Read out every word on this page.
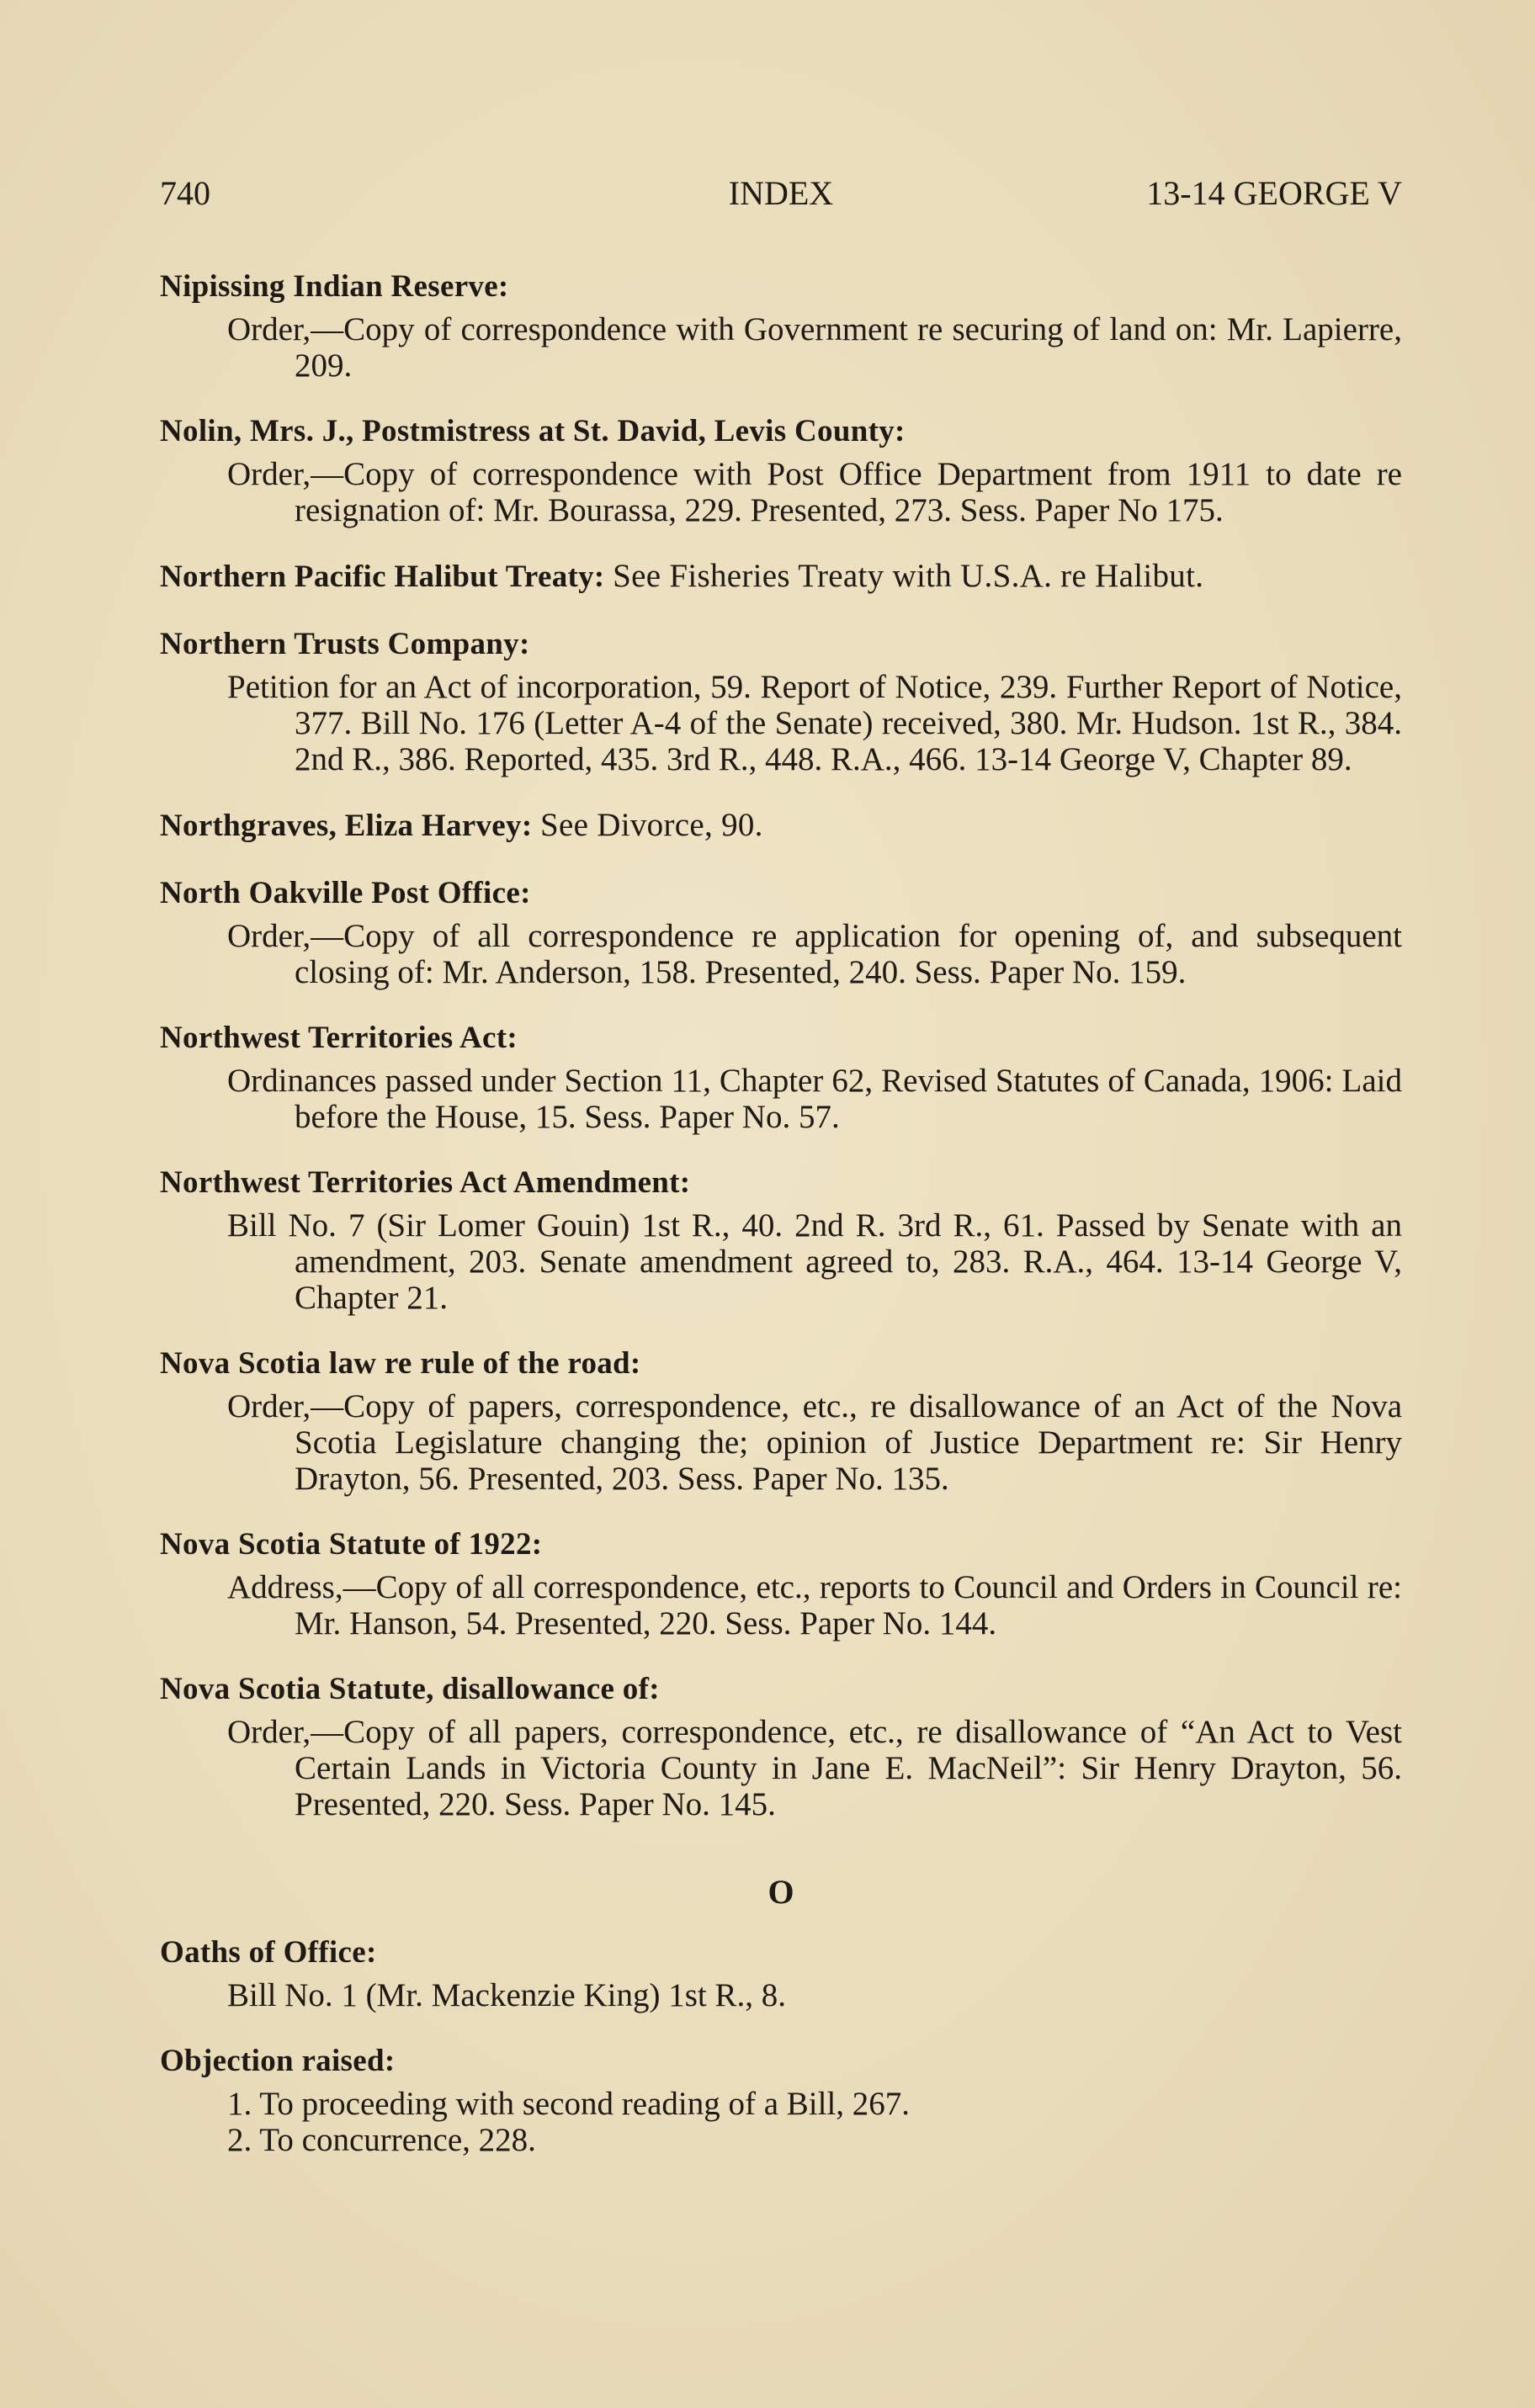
740	INDEX	13-14 GEORGE V
Nipissing Indian Reserve:
Order,—Copy of correspondence with Government re securing of land on: Mr. Lapierre, 209.
Nolin, Mrs. J., Postmistress at St. David, Levis County:
Order,—Copy of correspondence with Post Office Department from 1911 to date re resignation of: Mr. Bourassa, 229. Presented, 273. Sess. Paper No 175.
Northern Pacific Halibut Treaty: See Fisheries Treaty with U.S.A. re Halibut.
Northern Trusts Company:
Petition for an Act of incorporation, 59. Report of Notice, 239. Further Report of Notice, 377. Bill No. 176 (Letter A-4 of the Senate) received, 380. Mr. Hudson. 1st R., 384. 2nd R., 386. Reported, 435. 3rd R., 448. R.A., 466. 13-14 George V, Chapter 89.
Northgraves, Eliza Harvey: See Divorce, 90.
North Oakville Post Office:
Order,—Copy of all correspondence re application for opening of, and subsequent closing of: Mr. Anderson, 158. Presented, 240. Sess. Paper No. 159.
Northwest Territories Act:
Ordinances passed under Section 11, Chapter 62, Revised Statutes of Canada, 1906: Laid before the House, 15. Sess. Paper No. 57.
Northwest Territories Act Amendment:
Bill No. 7 (Sir Lomer Gouin) 1st R., 40. 2nd R. 3rd R., 61. Passed by Senate with an amendment, 203. Senate amendment agreed to, 283. R.A., 464. 13-14 George V, Chapter 21.
Nova Scotia law re rule of the road:
Order,—Copy of papers, correspondence, etc., re disallowance of an Act of the Nova Scotia Legislature changing the; opinion of Justice Department re: Sir Henry Drayton, 56. Presented, 203. Sess. Paper No. 135.
Nova Scotia Statute of 1922:
Address,—Copy of all correspondence, etc., reports to Council and Orders in Council re: Mr. Hanson, 54. Presented, 220. Sess. Paper No. 144.
Nova Scotia Statute, disallowance of:
Order,—Copy of all papers, correspondence, etc., re disallowance of “An Act to Vest Certain Lands in Victoria County in Jane E. MacNeil”: Sir Henry Drayton, 56. Presented, 220. Sess. Paper No. 145.
O
Oaths of Office:
Bill No. 1 (Mr. Mackenzie King) 1st R., 8.
Objection raised:
1. To proceeding with second reading of a Bill, 267.
2. To concurrence, 228.
